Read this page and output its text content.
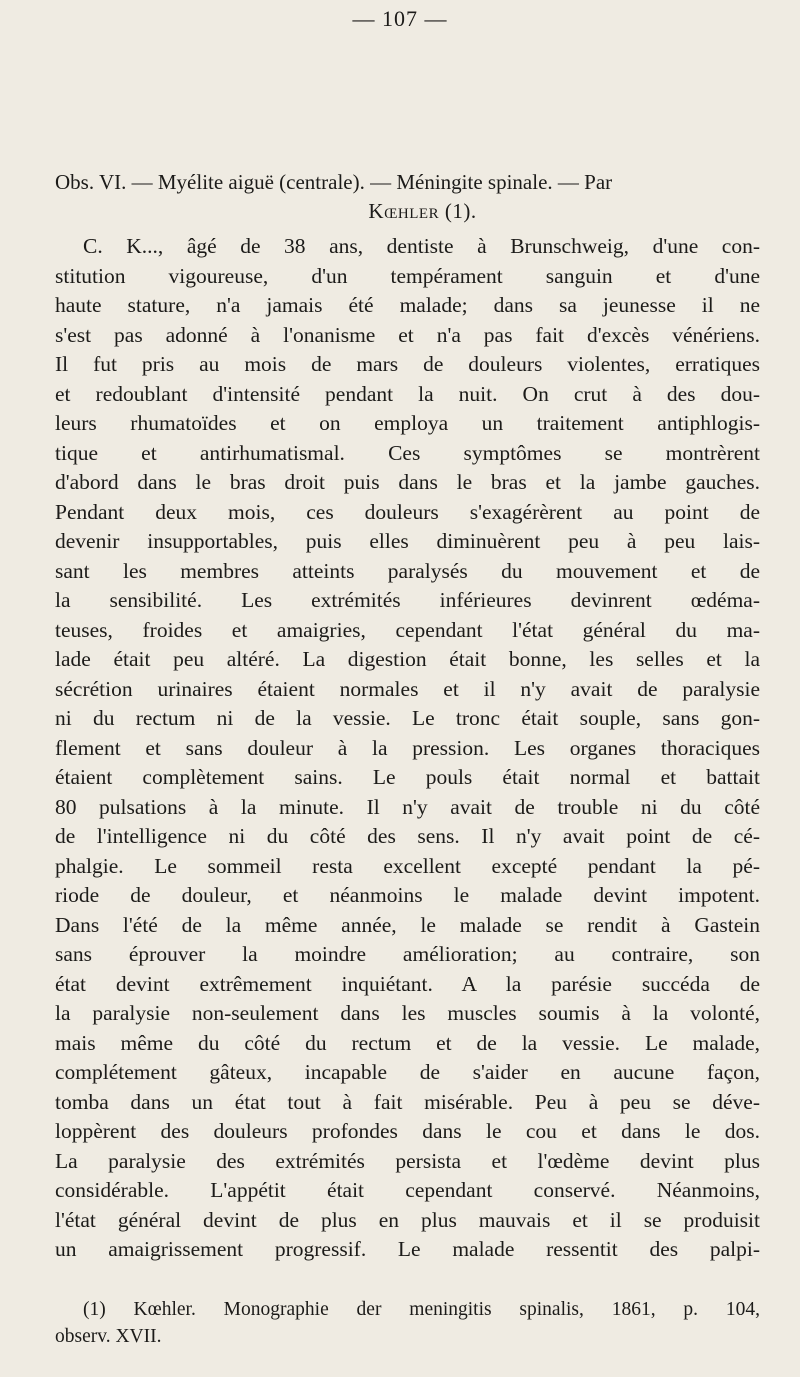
— 107 —
Obs. VI. — Myélite aiguë (centrale). — Méningite spinale. — Par
Kœhler (1).
C. K..., âgé de 38 ans, dentiste à Brunschweig, d'une con-
stitution vigoureuse, d'un tempérament sanguin et d'une
haute stature, n'a jamais été malade; dans sa jeunesse il ne
s'est pas adonné à l'onanisme et n'a pas fait d'excès vénériens.
Il fut pris au mois de mars de douleurs violentes, erratiques
et redoublant d'intensité pendant la nuit. On crut à des dou-
leurs rhumatoïdes et on employa un traitement antiphlogis-
tique et antirhumatismal. Ces symptômes se montrèrent
d'abord dans le bras droit puis dans le bras et la jambe gauches.
Pendant deux mois, ces douleurs s'exagérèrent au point de
devenir insupportables, puis elles diminuèrent peu à peu lais-
sant les membres atteints paralysés du mouvement et de
la sensibilité. Les extrémités inférieures devinrent œdéma-
teuses, froides et amaigries, cependant l'état général du ma-
lade était peu altéré. La digestion était bonne, les selles et la
sécrétion urinaires étaient normales et il n'y avait de paralysie
ni du rectum ni de la vessie. Le tronc était souple, sans gon-
flement et sans douleur à la pression. Les organes thoraciques
étaient complètement sains. Le pouls était normal et battait
80 pulsations à la minute. Il n'y avait de trouble ni du côté
de l'intelligence ni du côté des sens. Il n'y avait point de cé-
phalgie. Le sommeil resta excellent excepté pendant la pé-
riode de douleur, et néanmoins le malade devint impotent.
Dans l'été de la même année, le malade se rendit à Gastein
sans éprouver la moindre amélioration; au contraire, son
état devint extrêmement inquiétant. A la parésie succéda de
la paralysie non-seulement dans les muscles soumis à la volonté,
mais même du côté du rectum et de la vessie. Le malade,
complétement gâteux, incapable de s'aider en aucune façon,
tomba dans un état tout à fait misérable. Peu à peu se déve-
loppèrent des douleurs profondes dans le cou et dans le dos.
La paralysie des extrémités persista et l'œdème devint plus
considérable. L'appétit était cependant conservé. Néanmoins,
l'état général devint de plus en plus mauvais et il se produisit
un amaigrissement progressif. Le malade ressentit des palpi-
(1) Kœhler. Monographie der meningitis spinalis, 1861, p. 104,
observ. XVII.
